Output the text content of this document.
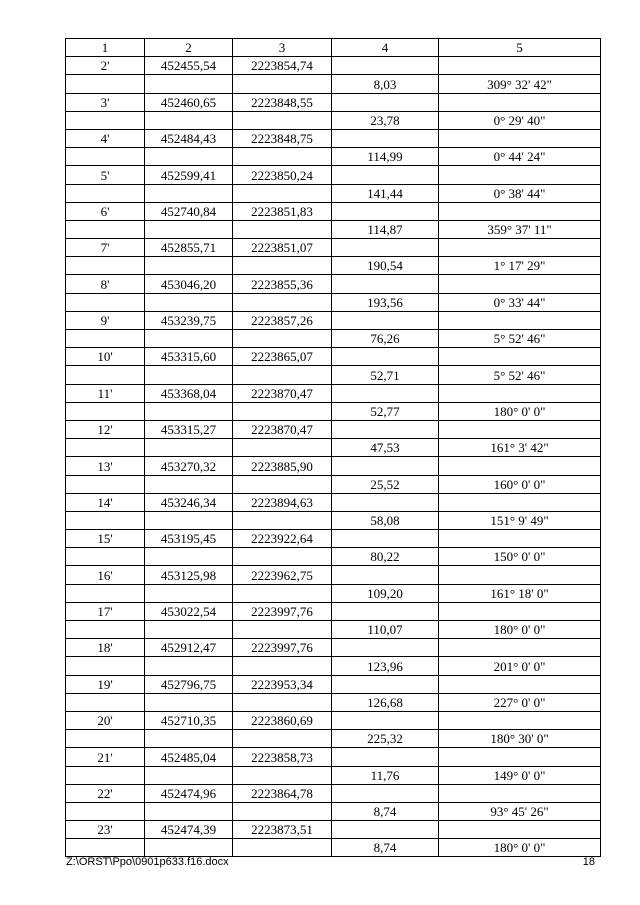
1	2	3	4	5
2'	452455,54	2223854,74		
			8,03	309° 32' 42"
3'	452460,65	2223848,55		
			23,78	0° 29' 40"
4'	452484,43	2223848,75		
			114,99	0° 44' 24"
5'	452599,41	2223850,24		
			141,44	0° 38' 44"
6'	452740,84	2223851,83		
			114,87	359° 37' 11"
7'	452855,71	2223851,07		
			190,54	1° 17' 29"
8'	453046,20	2223855,36		
			193,56	0° 33' 44"
9'	453239,75	2223857,26		
			76,26	5° 52' 46"
10'	453315,60	2223865,07		
			52,71	5° 52' 46"
11'	453368,04	2223870,47		
			52,77	180° 0' 0"
12'	453315,27	2223870,47		
			47,53	161° 3' 42"
13'	453270,32	2223885,90		
			25,52	160° 0' 0"
14'	453246,34	2223894,63		
			58,08	151° 9' 49"
15'	453195,45	2223922,64		
			80,22	150° 0' 0"
16'	453125,98	2223962,75		
			109,20	161° 18' 0"
17'	453022,54	2223997,76		
			110,07	180° 0' 0"
18'	452912,47	2223997,76		
			123,96	201° 0' 0"
19'	452796,75	2223953,34		
			126,68	227° 0' 0"
20'	452710,35	2223860,69		
			225,32	180° 30' 0"
21'	452485,04	2223858,73		
			11,76	149° 0' 0"
22'	452474,96	2223864,78		
			8,74	93° 45' 26"
23'	452474,39	2223873,51		
			8,74	180° 0' 0"
Z:\ORST\Ppo\0901p633.f16.docx	18
